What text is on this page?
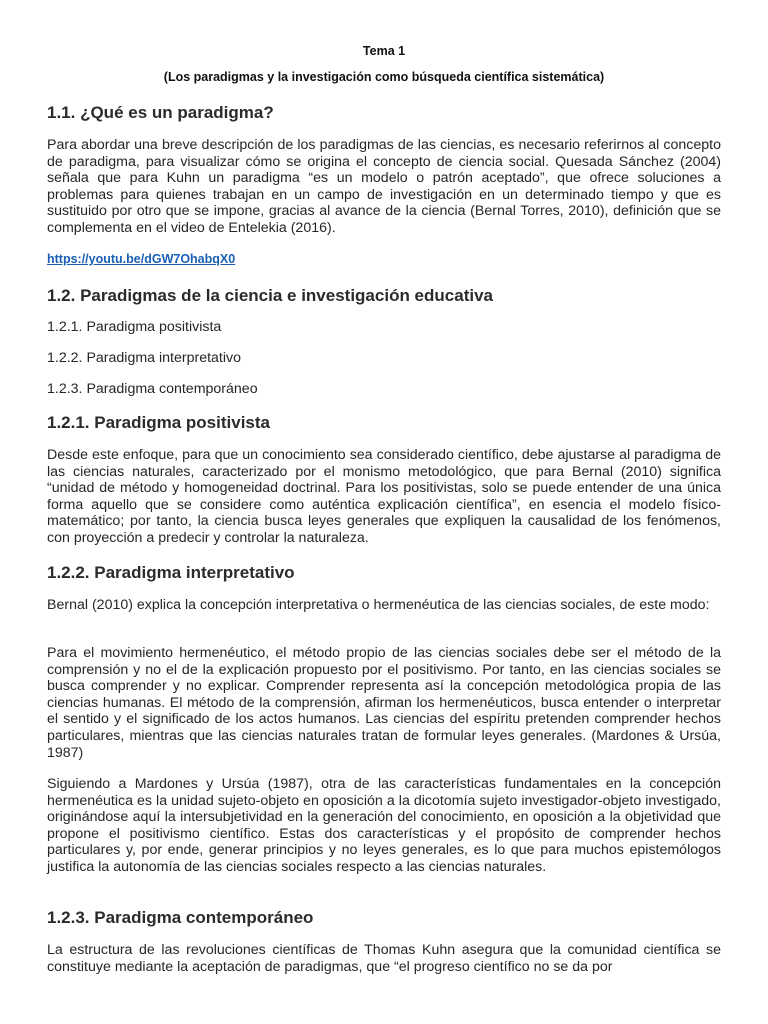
Tema 1
(Los paradigmas y la investigación como búsqueda científica sistemática)
1.1. ¿Qué es un paradigma?

Para abordar una breve descripción de los paradigmas de las ciencias, es necesario referirnos al concepto de paradigma, para visualizar cómo se origina el concepto de ciencia social. Quesada Sánchez (2004) señala que para Kuhn un paradigma “es un modelo o patrón aceptado”, que ofrece soluciones a problemas para quienes trabajan en un campo de investigación en un determinado tiempo y que es sustituido por otro que se impone, gracias al avance de la ciencia (Bernal Torres, 2010), definición que se complementa en el video de Entelekia (2016).

https://youtu.be/dGW7OhabqX0
1.2. Paradigmas de la ciencia e investigación educativa
1.2.1. Paradigma positivista
1.2.2. Paradigma interpretativo
1.2.3. Paradigma contemporáneo
1.2.1. Paradigma positivista

Desde este enfoque, para que un conocimiento sea considerado científico, debe ajustarse al paradigma de las ciencias naturales, caracterizado por el monismo metodológico, que para Bernal (2010) significa “unidad de método y homogeneidad doctrinal. Para los positivistas, solo se puede entender de una única forma aquello que se considere como auténtica explicación científica”, en esencia el modelo físico-matemático; por tanto, la ciencia busca leyes generales que expliquen la causalidad de los fenómenos, con proyección a predecir y controlar la naturaleza.

1.2.2. Paradigma interpretativo

Bernal (2010) explica la concepción interpretativa o hermenéutica de las ciencias sociales, de este modo:

Para el movimiento hermenéutico, el método propio de las ciencias sociales debe ser el método de la comprensión y no el de la explicación propuesto por el positivismo. Por tanto, en las ciencias sociales se busca comprender y no explicar. Comprender representa así la concepción metodológica propia de las ciencias humanas. El método de la comprensión, afirman los hermenéuticos, busca entender o interpretar el sentido y el significado de los actos humanos. Las ciencias del espíritu pretenden comprender hechos particulares, mientras que las ciencias naturales tratan de formular leyes generales. (Mardones & Ursúa, 1987)

Siguiendo a Mardones y Ursúa (1987), otra de las características fundamentales en la concepción hermenéutica es la unidad sujeto-objeto en oposición a la dicotomía sujeto investigador-objeto investigado, originándose aquí la intersubjetividad en la generación del conocimiento, en oposición a la objetividad que propone el positivismo científico. Estas dos características y el propósito de comprender hechos particulares y, por ende, generar principios y no leyes generales, es lo que para muchos epistemólogos justifica la autonomía de las ciencias sociales respecto a las ciencias naturales.

1.2.3. Paradigma contemporáneo

La estructura de las revoluciones científicas de Thomas Kuhn asegura que la comunidad científica se constituye mediante la aceptación de paradigmas, que “el progreso científico no se da por
